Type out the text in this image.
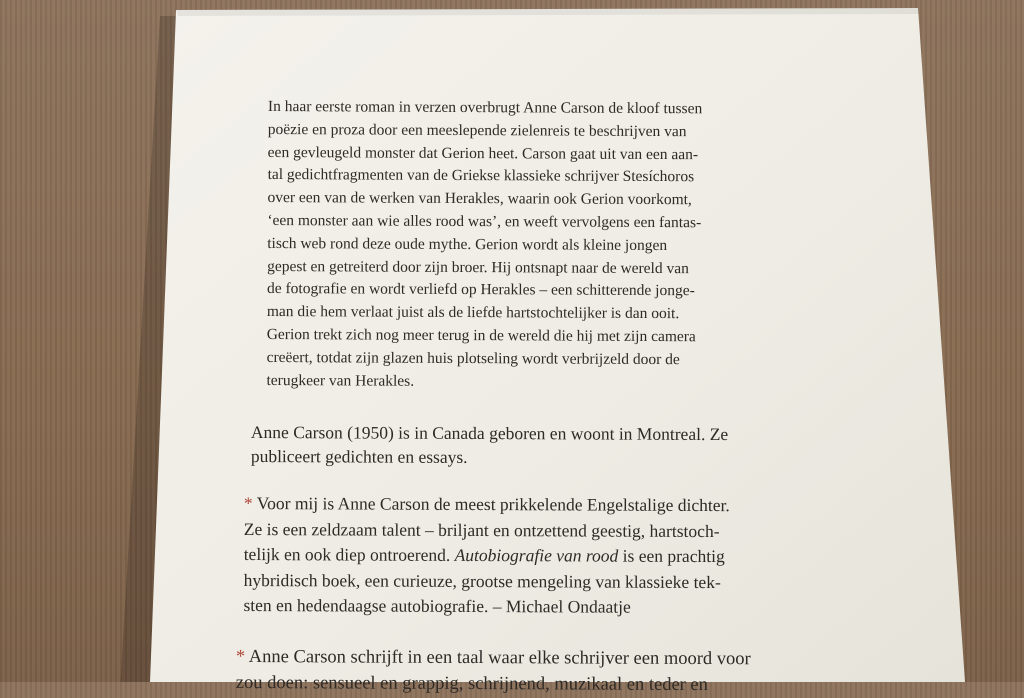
In haar eerste roman in verzen overbrugt Anne Carson de kloof tussen
poëzie en proza door een meeslepende zielenreis te beschrijven van
een gevleugeld monster dat Gerion heet. Carson gaat uit van een aan-
tal gedichtfragmenten van de Griekse klassieke schrijver Stesíchoros
over een van de werken van Herakles, waarin ook Gerion voorkomt,
‘een monster aan wie alles rood was’, en weeft vervolgens een fantas-
tisch web rond deze oude mythe. Gerion wordt als kleine jongen
gepest en getreiterd door zijn broer. Hij ontsnapt naar de wereld van
de fotografie en wordt verliefd op Herakles – een schitterende jonge-
man die hem verlaat juist als de liefde hartstochtelijker is dan ooit.
Gerion trekt zich nog meer terug in de wereld die hij met zijn camera
creëert, totdat zijn glazen huis plotseling wordt verbrijzeld door de
terugkeer van Herakles.
Anne Carson (1950) is in Canada geboren en woont in Montreal. Ze
publiceert gedichten en essays.
* Voor mij is Anne Carson de meest prikkelende Engelstalige dichter.
Ze is een zeldzaam talent – briljant en ontzettend geestig, hartstoch-
telijk en ook diep ontroerend. Autobiografie van rood is een prachtig
hybridisch boek, een curieuze, grootse mengeling van klassieke tek-
sten en hedendaagse autobiografie. – Michael Ondaatje
* Anne Carson schrijft in een taal waar elke schrijver een moord voor
zou doen: sensueel en grappig, schrijnend, muzikaal en teder en
